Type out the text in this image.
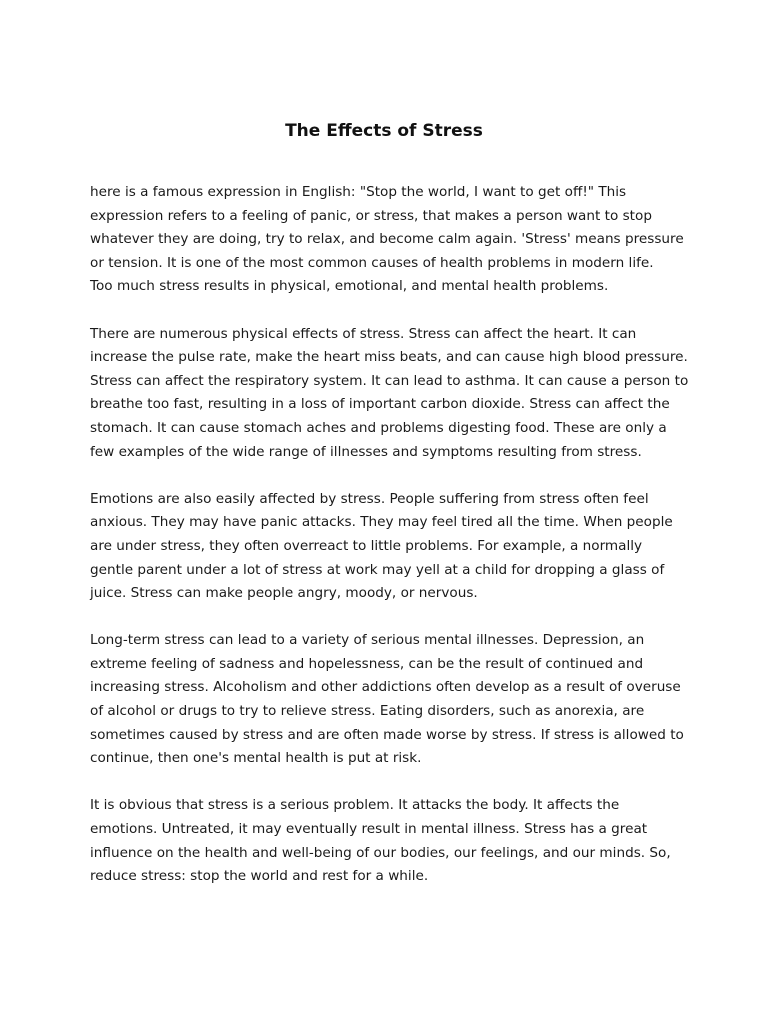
The Effects of Stress

here is a famous expression in English: "Stop the world, I want to get off!" This
expression refers to a feeling of panic, or stress, that makes a person want to stop
whatever they are doing, try to relax, and become calm again. 'Stress' means pressure
or tension. It is one of the most common causes of health problems in modern life.
Too much stress results in physical, emotional, and mental health problems.

There are numerous physical effects of stress. Stress can affect the heart. It can
increase the pulse rate, make the heart miss beats, and can cause high blood pressure.
Stress can affect the respiratory system. It can lead to asthma. It can cause a person to
breathe too fast, resulting in a loss of important carbon dioxide. Stress can affect the
stomach. It can cause stomach aches and problems digesting food. These are only a
few examples of the wide range of illnesses and symptoms resulting from stress.

Emotions are also easily affected by stress. People suffering from stress often feel
anxious. They may have panic attacks. They may feel tired all the time. When people
are under stress, they often overreact to little problems. For example, a normally
gentle parent under a lot of stress at work may yell at a child for dropping a glass of
juice. Stress can make people angry, moody, or nervous.

Long-term stress can lead to a variety of serious mental illnesses. Depression, an
extreme feeling of sadness and hopelessness, can be the result of continued and
increasing stress. Alcoholism and other addictions often develop as a result of overuse
of alcohol or drugs to try to relieve stress. Eating disorders, such as anorexia, are
sometimes caused by stress and are often made worse by stress. If stress is allowed to
continue, then one's mental health is put at risk.

It is obvious that stress is a serious problem. It attacks the body. It affects the
emotions. Untreated, it may eventually result in mental illness. Stress has a great
influence on the health and well-being of our bodies, our feelings, and our minds. So,
reduce stress: stop the world and rest for a while.
